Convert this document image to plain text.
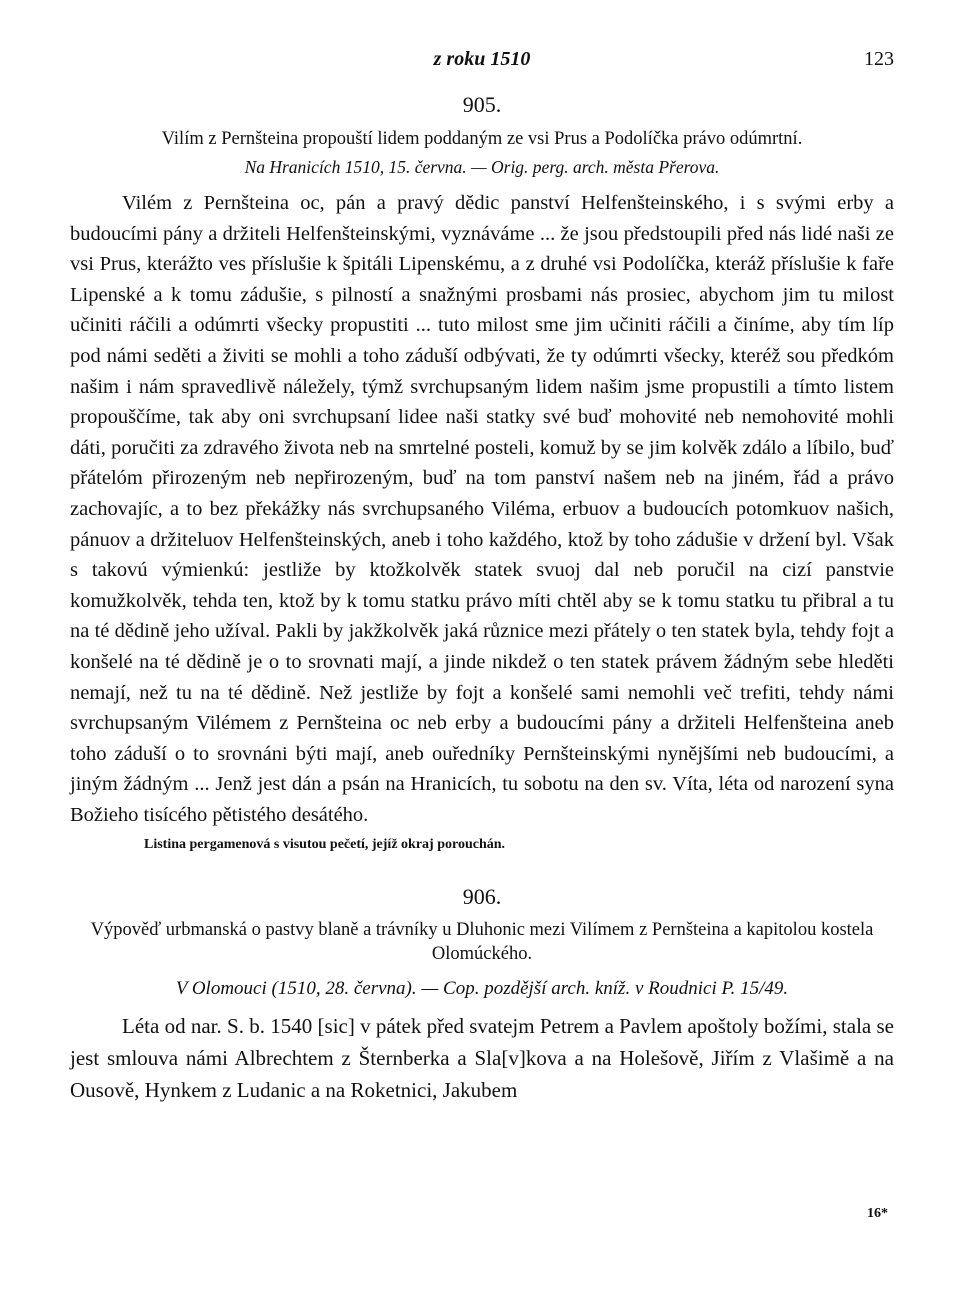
z roku 1510	123
905.
Vilím z Pernšteina propouští lidem poddaným ze vsi Prus a Podolíčka právo odúmrtní.
Na Hranicích 1510, 15. června. — Orig. perg. arch. města Přerova.

Vilém z Pernšteina oc, pán a pravý dědic panství Helfenšteinského, i s svými erby a budoucími pány a držiteli Helfenšteinskými, vyznáváme ... že jsou předstoupili před nás lidé naši ze vsi Prus, kterážto ves příslušie k špitáli Lipenskému, a z druhé vsi Podolíčka, kteráž příslušie k faře Lipenské a k tomu zádušie, s pilností a snažnými prosbami nás prosiec, abychom jim tu milost učiniti ráčili a odúmrti všecky propustiti ... tuto milost sme jim učiniti ráčili a činíme, aby tím líp pod námi seděti a živiti se mohli a toho záduší odbývati, že ty odúmrti všecky, kteréž sou předkóm našim i nám spravedlivě náležely, týmž svrchupsaným lidem našim jsme propustili a tímto listem propouščíme, tak aby oni svrchupsaní lidee naši statky své buď mohovité neb nemohovité mohli dáti, poručiti za zdravého života neb na smrtelné posteli, komuž by se jim kolvěk zdálo a líbilo, buď přátelóm přirozeným neb nepřirozeným, buď na tom panství našem neb na jiném, řád a právo zachovajíc, a to bez překážky nás svrchupsaného Viléma, erbuov a budoucích potomkuov našich, pánuov a držiteluov Helfenšteinských, aneb i toho každého, ktož by toho zádušie v držení byl. Však s takovú výmienkú: jestliže by ktožkolvěk statek svuoj dal neb poručil na cizí panstvie komužkolvěk, tehda ten, ktož by k tomu statku právo míti chtěl aby se k tomu statku tu přibral a tu na té dědině jeho užíval. Pakli by jakžkolvěk jaká různice mezi přátely o ten statek byla, tehdy fojt a konšelé na té dědině je o to srovnati mají, a jinde nikdež o ten statek právem žádným sebe hleděti nemají, než tu na té dědině. Než jestliže by fojt a konšelé sami nemohli več trefiti, tehdy námi svrchupsaným Vilémem z Pernšteina oc neb erby a budoucími pány a držiteli Helfenšteina aneb toho záduší o to srovnáni býti mají, aneb ouředníky Pernšteinskými nynějšími neb budoucími, a jiným žádným ... Jenž jest dán a psán na Hranicích, tu sobotu na den sv. Víta, léta od narození syna Božieho tisícého pětistého desátého.

Listina pergamenová s visutou pečetí, jejíž okraj porouchán.
906.
Výpověď urbmanská o pastvy blaně a trávníky u Dluhonic mezi Vilímem z Pernšteina a kapitolou kostela Olomúckého.
V Olomouci (1510, 28. června). — Cop. pozdější arch. kníž. v Roudnici P. 15/49.

Léta od nar. S. b. 1540 [sic] v pátek před svatejm Petrem a Pavlem apoštoly božími, stala se jest smlouva námi Albrechtem z Šternberka a Sla[v]kova a na Holešově, Jiřím z Vlašimě a na Ousově, Hynkem z Ludanic a na Roketnici, Jakubem

16*
